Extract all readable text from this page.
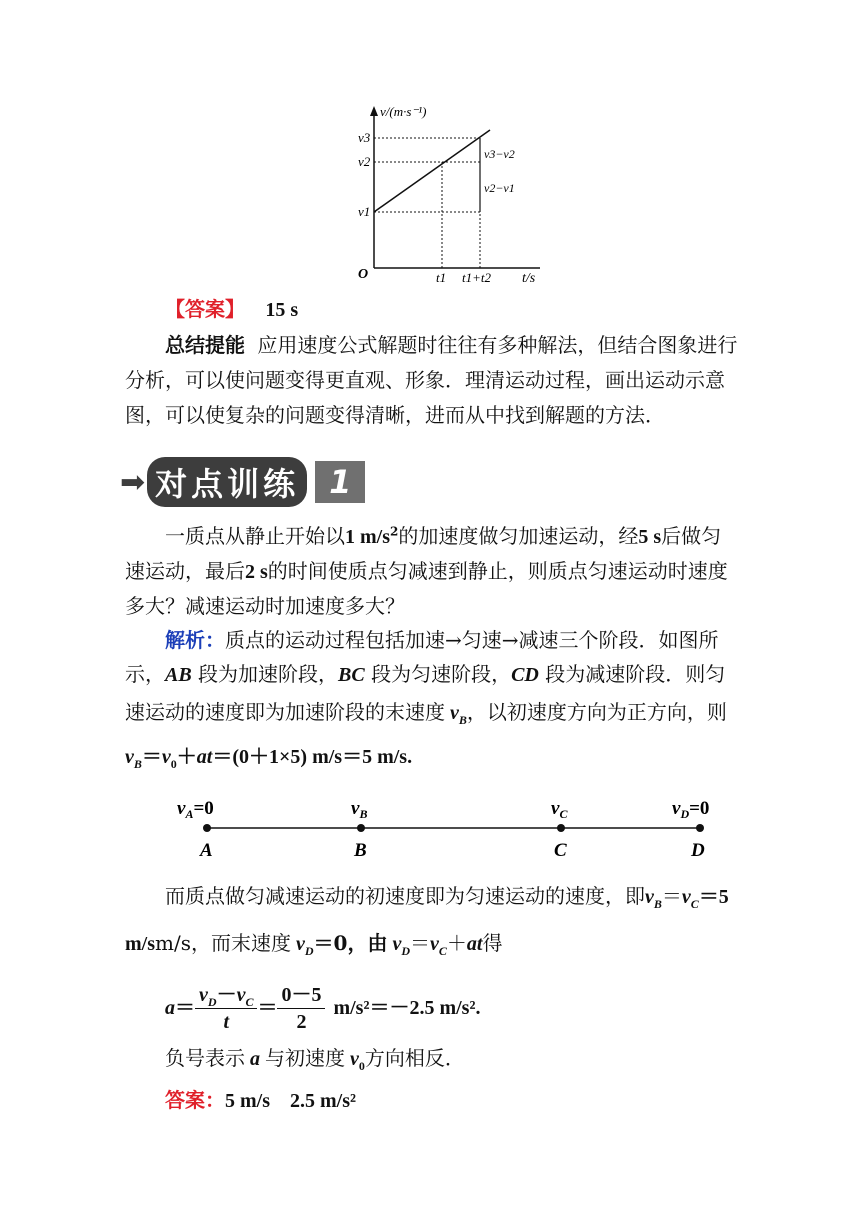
v/(m·s⁻¹)
v3
v2
v1
O	t1 t1+t2 t/s
v3−v2
v2−v1
【答案】 15 s
总结提能 应用速度公式解题时往往有多种解法，但结合图象进行
分析，可以使问题变得更直观、形象．理清运动过程，画出运动示意
图，可以使复杂的问题变得清晰，进而从中找到解题的方法．
➡ 对点训练 1
一质点从静止开始以1 $m/s^2$的加速度做匀加速运动，经5 s后做匀
速运动，最后2 s的时间使质点匀减速到静止，则质点匀速运动时速度
多大？减速运动时加速度多大？
解析：质点的运动过程包括加速→匀速→减速三个阶段．如图所
示，AB 段为加速阶段，BC 段为匀速阶段，CD 段为减速阶段．则匀
速运动的速度即为加速阶段的末速度 $v_B$，以初速度方向为正方向，则
$v_B=v_0+at=(0+1\times 5)$ m/s＝5 m/s.
$v_A=0$	$v_B$	$v_C$	$v_D=0$
A	B	C	D
而质点做匀减速运动的初速度即为匀速运动的速度，即$v_B=v_C=5$
m/sm/s，而末速度 $v_D=0$，由 $v_D=v_C+at$得
$a = \frac{v_D-v_C}{t} = \frac{0-5}{2} m/s^2=-2.5$ m/s².
负号表示 a 与初速度 $v_0$方向相反．
答案：5 m/s　2.5 m/s²
